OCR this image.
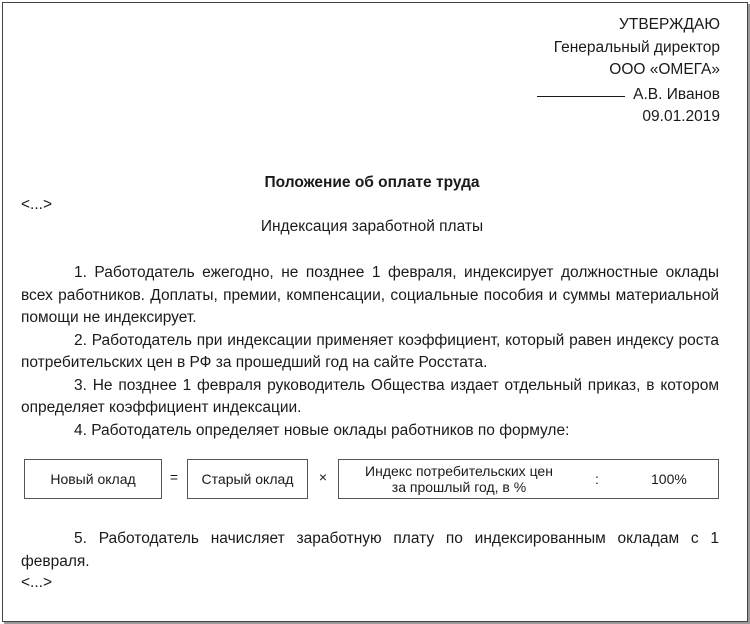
УТВЕРЖДАЮ
Генеральный директор
ООО «ОМЕГА»
А.В. Иванов
09.01.2019
Положение об оплате труда
<...>
Индексация заработной платы

1. Работодатель ежегодно, не позднее 1 февраля, индексирует должностные оклады всех работников. Доплаты, премии, компенсации, социальные пособия и суммы материальной помощи не индексирует.

2. Работодатель при индексации применяет коэффициент, который равен индексу роста потребительских цен в РФ за прошедший год на сайте Росстата.

3. Не позднее 1 февраля руководитель Общества издает отдельный приказ, в котором определяет коэффициент индексации.

4. Работодатель определяет новые оклады работников по формуле:

Новый оклад	=	Старый оклад	×	Индекс потребительских цен
за прошлый год, в %	:	100%

5. Работодатель начисляет заработную плату по индексированным окладам с 1 февраля.

<...>
